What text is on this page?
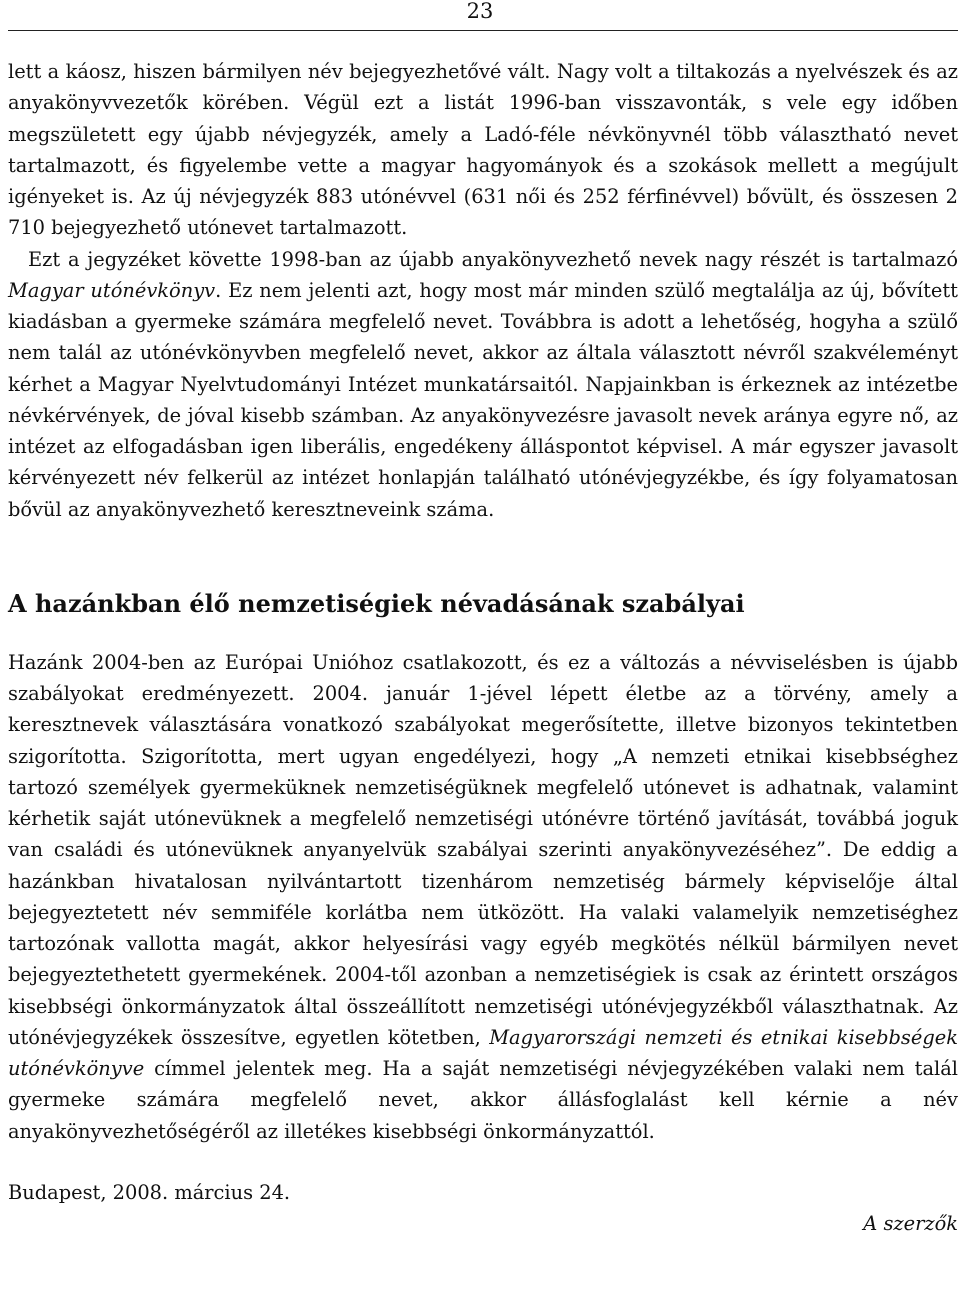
23

lett a káosz, hiszen bármilyen név bejegyezhetővé vált. Nagy volt a tiltakozás a nyelvészek és az anyakönyvvezetők körében. Végül ezt a listát 1996-ban visszavonták, s vele egy időben megszületett egy újabb névjegyzék, amely a Ladó-féle névkönyvnél több választható nevet tartalmazott, és figyelembe vette a magyar hagyományok és a szokások mellett a megújult igényeket is. Az új névjegyzék 883 utónévvel (631 női és 252 férfinévvel) bővült, és összesen 2 710 bejegyezhető utónevet tartalmazott.

Ezt a jegyzéket követte 1998-ban az újabb anyakönyvezhető nevek nagy részét is tartalmazó Magyar utónévkönyv. Ez nem jelenti azt, hogy most már minden szülő megtalálja az új, bővített kiadásban a gyermeke számára megfelelő nevet. Továbbra is adott a lehetőség, hogyha a szülő nem talál az utónévkönyvben megfelelő nevet, akkor az általa választott névről szakvéleményt kérhet a Magyar Nyelvtudományi Intézet munkatársaitól. Napjainkban is érkeznek az intézetbe névkérvények, de jóval kisebb számban. Az anyakönyvezésre javasolt nevek aránya egyre nő, az intézet az elfogadásban igen liberális, engedékeny álláspontot képvisel. A már egyszer javasolt kérvényezett név felkerül az intézet honlapján található utónévjegyzékbe, és így folyamatosan bővül az anyakönyvezhető keresztneveink száma.

A hazánkban élő nemzetiségiek névadásának szabályai

Hazánk 2004-ben az Európai Unióhoz csatlakozott, és ez a változás a névviselésben is újabb szabályokat eredményezett. 2004. január 1-jével lépett életbe az a törvény, amely a keresztnevek választására vonatkozó szabályokat megerősítette, illetve bizonyos tekintetben szigorította. Szigorította, mert ugyan engedélyezi, hogy „A nemzeti etnikai kisebbséghez tartozó személyek gyermeküknek nemzetiségüknek megfelelő utónevet is adhatnak, valamint kérhetik saját utónevüknek a megfelelő nemzetiségi utónévre történő javítását, továbbá joguk van családi és utónevüknek anyanyelvük szabályai szerinti anyakönyvezéséhez”. De eddig a hazánkban hivatalosan nyilvántartott tizenhárom nemzetiség bármely képviselője által bejegyeztetett név semmiféle korlátba nem ütközött. Ha valaki valamelyik nemzetiséghez tartozónak vallotta magát, akkor helyesírási vagy egyéb megkötés nélkül bármilyen nevet bejegyeztethetett gyermekének. 2004-től azonban a nemzetiségiek is csak az érintett országos kisebbségi önkormányzatok által összeállított nemzetiségi utónévjegyzékből választhatnak. Az utónévjegyzékek összesítve, egyetlen kötetben, Magyarországi nemzeti és etnikai kisebbségek utónévkönyve címmel jelentek meg. Ha a saját nemzetiségi névjegyzékében valaki nem talál gyermeke számára megfelelő nevet, akkor állásfoglalást kell kérnie a név anyakönyvezhetőségéről az illetékes kisebbségi önkormányzattól.

Budapest, 2008. március 24.

A szerzők
